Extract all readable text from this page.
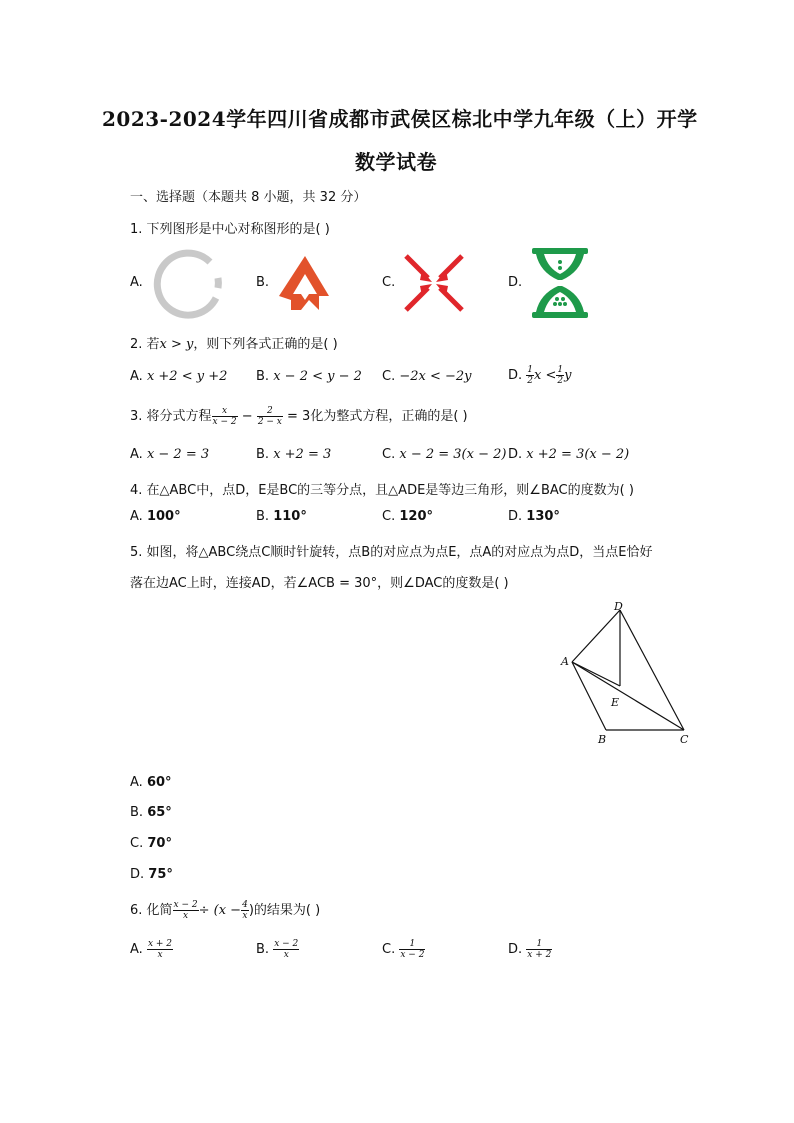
2023-2024学年四川省成都市武侯区棕北中学九年级（上）开学
数学试卷
一、选择题（本题共 8 小题，共 32 分）
1. 下列图形是中心对称图形的是( )
A.	B.	C.	D.
2. 若x > y，则下列各式正确的是( )
A. x +2 < y +2 B. x − 2 < y − 2 C. −2x < −2y	D. $\frac{1}{2}$ $x < \frac{1}{2}$ y
3. 将分式方程 $\frac{x}{x - 2} - \frac{2}{2 - x} = 3$化为整式方程，正确的是( )
A. x − 2 = 3	B. x +2 = 3	C. x − 2 = 3(x − 2) D. x +2 = 3(x − 2)
4. 在△ABC中，点D，E是BC的三等分点，且△ADE是等边三角形，则∠BAC的度数为( )
A. 100°	B. 110°	C. 120°	D. 130°
5. 如图，将△ABC绕点C顺时针旋转，点B的对应点为点E，点A的对应点为点D，当点E恰好
落在边AC上时，连接AD，若∠ACB = 30°，则∠DAC的度数是( )
D
A
E
B	C
A. 60°
B. 65°
C. 70°
D. 75°
6. 化简 $\frac{x - 2}{x} \div (x - \frac{4}{x}$ )的结果为( )
A. $\frac{x + 2}{x}$	B. $\frac{x - 2}{x}$	C. $\frac{1}{x - 2}$	D. $\frac{1}{x + 2}$
